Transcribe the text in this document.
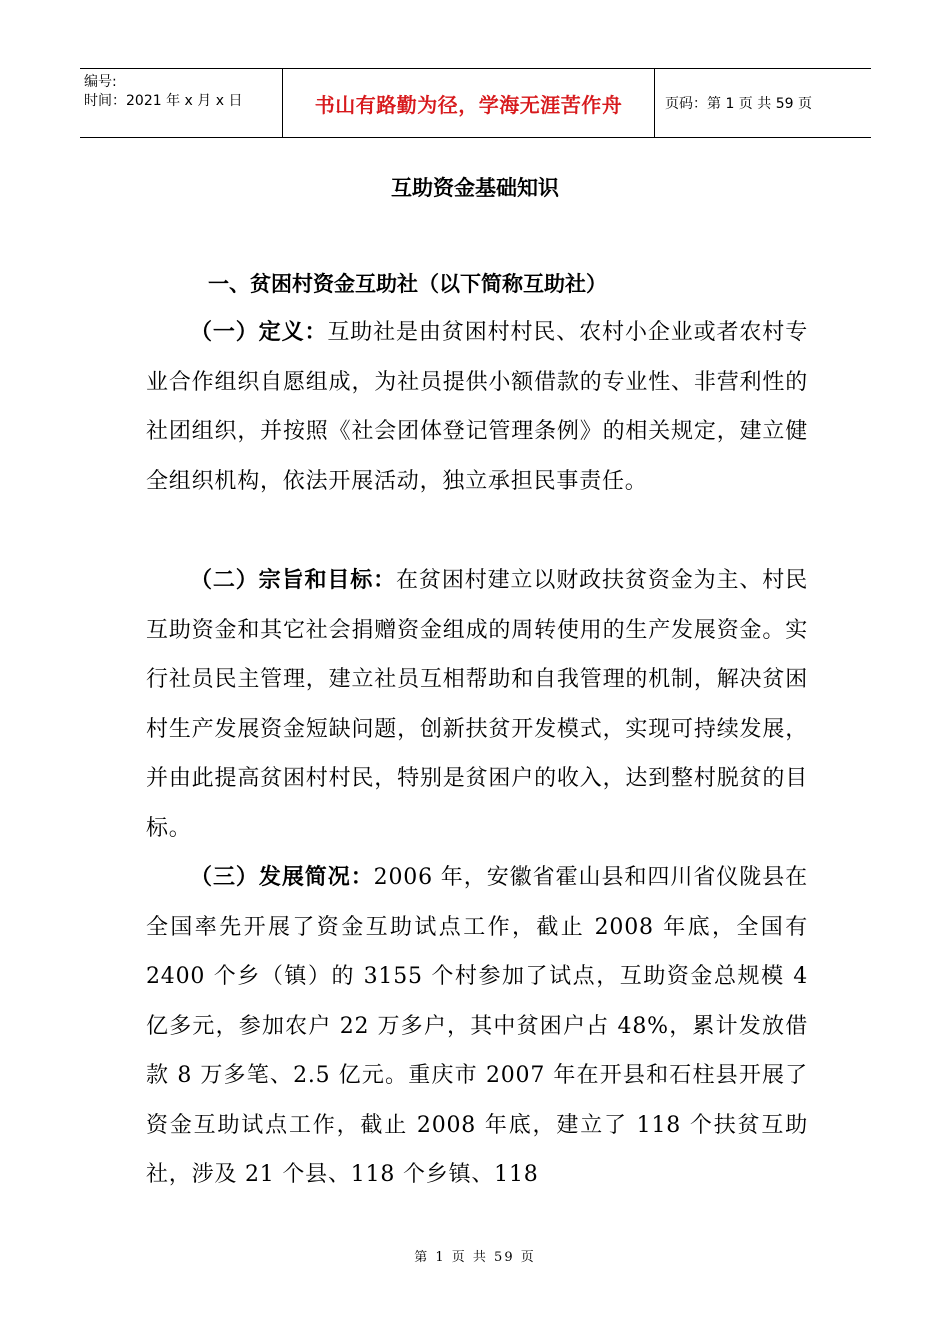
编号:
时间：2021 年 x 月 x 日	书山有路勤为径，学海无涯苦作舟	页码：第 1 页 共 59 页
互助资金基础知识
一、贫困村资金互助社（以下简称互助社）

（一）定义：互助社是由贫困村村民、农村小企业或者农村专业合作组织自愿组成，为社员提供小额借款的专业性、非营利性的社团组织，并按照《社会团体登记管理条例》的相关规定，建立健全组织机构，依法开展活动，独立承担民事责任。

（二）宗旨和目标：在贫困村建立以财政扶贫资金为主、村民互助资金和其它社会捐赠资金组成的周转使用的生产发展资金。实行社员民主管理，建立社员互相帮助和自我管理的机制，解决贫困村生产发展资金短缺问题，创新扶贫开发模式，实现可持续发展，并由此提高贫困村村民，特别是贫困户的收入，达到整村脱贫的目标。

（三）发展简况：2006 年，安徽省霍山县和四川省仪陇县在全国率先开展了资金互助试点工作，截止 2008 年底，全国有 2400 个乡（镇）的 3155 个村参加了试点，互助资金总规模 4 亿多元，参加农户 22 万多户，其中贫困户占 48%，累计发放借款 8 万多笔、2.5 亿元。重庆市 2007 年在开县和石柱县开展了资金互助试点工作，截止 2008 年底，建立了 118 个扶贫互助社，涉及 21 个县、118 个乡镇、118

第 1 页 共 59 页
